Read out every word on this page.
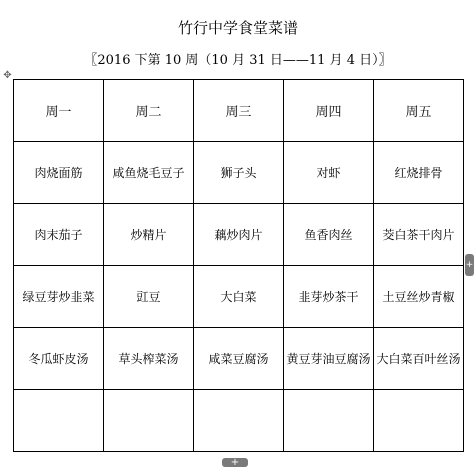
竹行中学食堂菜谱
〖2016 下第 10 周（10 月 31 日——11 月 4 日）〗
✥
周一	周二	周三	周四	周五
肉烧面筋	咸鱼烧毛豆子	狮子头	对虾	红烧排骨
肉末茄子	炒精片	藕炒肉片	鱼香肉丝	茭白茶干肉片
绿豆芽炒韭菜	豇豆	大白菜	韭芽炒茶干	土豆丝炒青椒
冬瓜虾皮汤	草头榨菜汤	咸菜豆腐汤	黄豆芽油豆腐汤	大白菜百叶丝汤

+
+
